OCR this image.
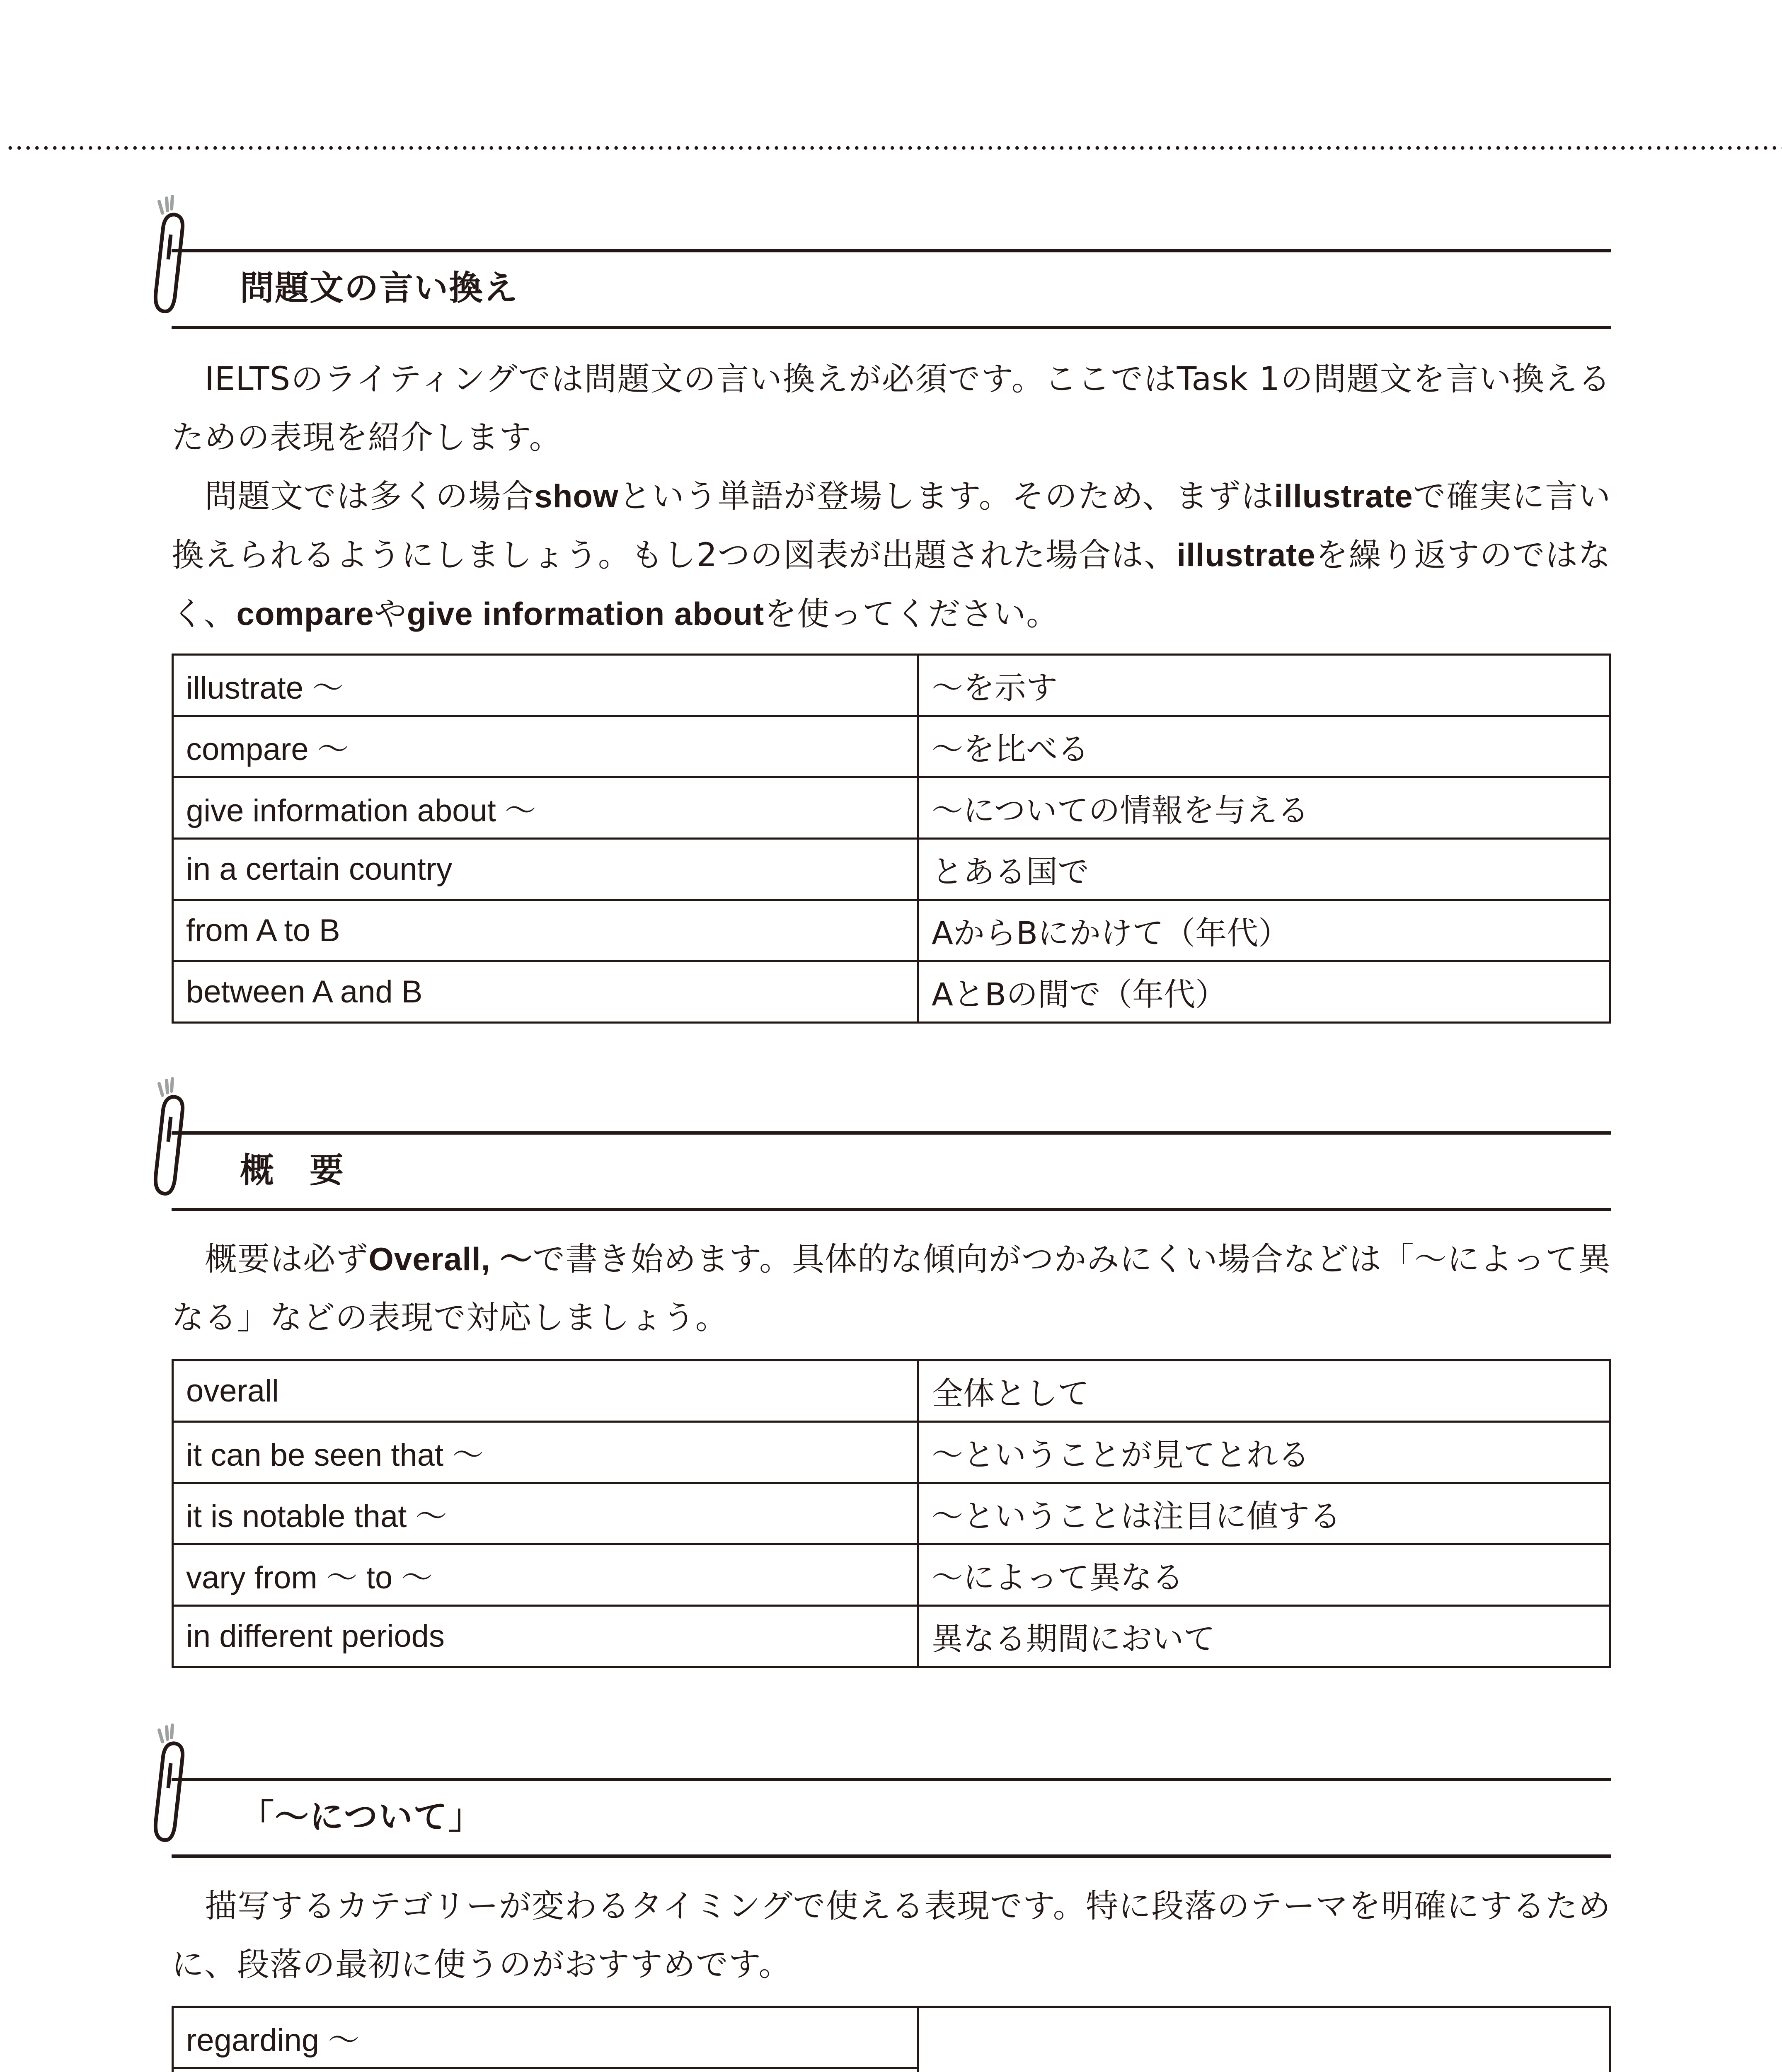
問題文の言い換え

IELTSのライティングでは問題文の言い換えが必須です。ここではTask 1の問題文を言い換えるための表現を紹介します。

問題文では多くの場合showという単語が登場します。そのため、まずはillustrateで確実に言い換えられるようにしましょう。もし2つの図表が出題された場合は、illustrateを繰り返すのではなく、compareやgive information aboutを使ってください。

illustrate 〜	〜を示す
compare 〜	〜を比べる
give information about 〜	〜についての情報を与える
in a certain country	とある国で
from A to B	AからBにかけて（年代）
between A and B	AとBの間で（年代）
概　要

概要は必ずOverall, 〜で書き始めます。具体的な傾向がつかみにくい場合などは「〜によって異なる」などの表現で対応しましょう。

overall	全体として
it can be seen that 〜	〜ということが見てとれる
it is notable that 〜	〜ということは注目に値する
vary from 〜 to 〜	〜によって異なる
in different periods	異なる期間において
「〜について」

描写するカテゴリーが変わるタイミングで使える表現です。特に段落のテーマを明確にするために、段落の最初に使うのがおすすめです。

regarding 〜	
